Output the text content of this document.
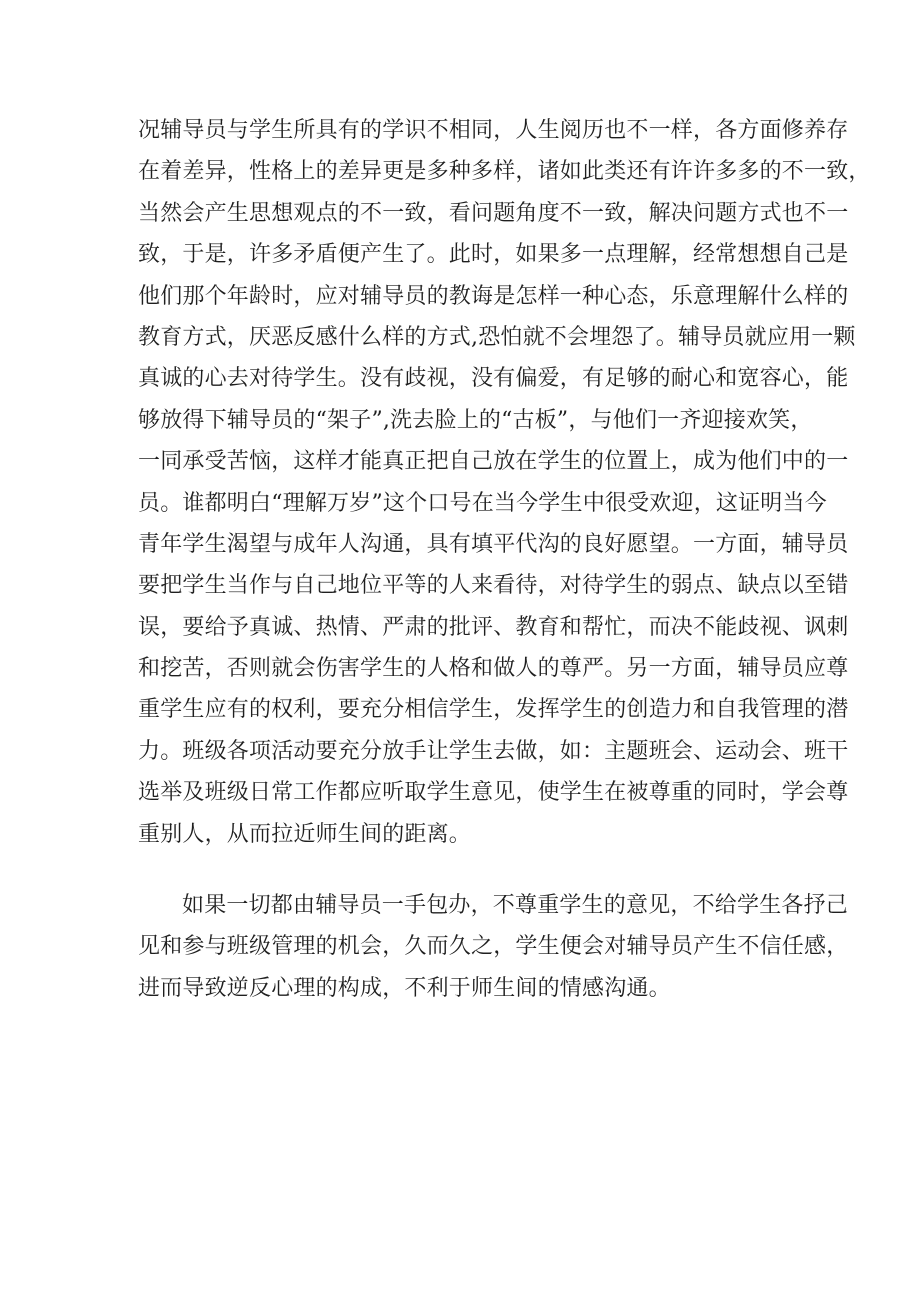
况辅导员与学生所具有的学识不相同，人生阅历也不一样，各方面修养存
在着差异，性格上的差异更是多种多样，诸如此类还有许许多多的不一致，
当然会产生思想观点的不一致，看问题角度不一致，解决问题方式也不一
致，于是，许多矛盾便产生了。此时，如果多一点理解，经常想想自己是
他们那个年龄时，应对辅导员的教诲是怎样一种心态，乐意理解什么样的
教育方式，厌恶反感什么样的方式,恐怕就不会埋怨了。辅导员就应用一颗
真诚的心去对待学生。没有歧视，没有偏爱，有足够的耐心和宽容心，能
够放得下辅导员的“架子”,洗去脸上的“古板”，与他们一齐迎接欢笑，
一同承受苦恼，这样才能真正把自己放在学生的位置上，成为他们中的一
员。谁都明白“理解万岁”这个口号在当今学生中很受欢迎，这证明当今
青年学生渴望与成年人沟通，具有填平代沟的良好愿望。一方面，辅导员
要把学生当作与自己地位平等的人来看待，对待学生的弱点、缺点以至错
误，要给予真诚、热情、严肃的批评、教育和帮忙，而决不能歧视、讽刺
和挖苦，否则就会伤害学生的人格和做人的尊严。另一方面，辅导员应尊
重学生应有的权利，要充分相信学生，发挥学生的创造力和自我管理的潜
力。班级各项活动要充分放手让学生去做，如：主题班会、运动会、班干
选举及班级日常工作都应听取学生意见，使学生在被尊重的同时，学会尊
重别人，从而拉近师生间的距离。
如果一切都由辅导员一手包办，不尊重学生的意见，不给学生各抒己
见和参与班级管理的机会，久而久之，学生便会对辅导员产生不信任感，
进而导致逆反心理的构成，不利于师生间的情感沟通。
